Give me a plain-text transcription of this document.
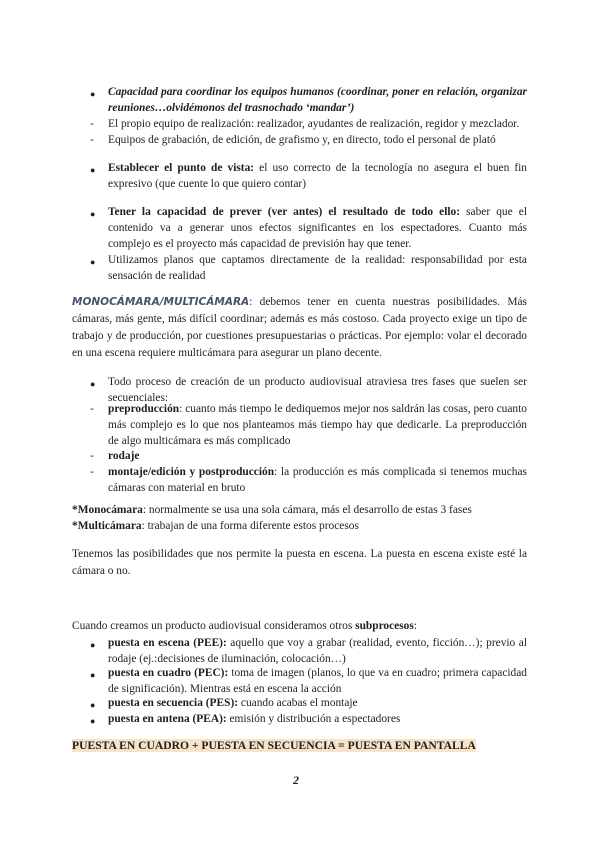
● Capacidad para coordinar los equipos humanos (coordinar, poner en relación, organizar reuniones…olvidémonos del trasnochado ‘mandar’)
- El propio equipo de realización: realizador, ayudantes de realización, regidor y mezclador.
- Equipos de grabación, de edición, de grafismo y, en directo, todo el personal de plató
● Establecer el punto de vista: el uso correcto de la tecnología no asegura el buen fin expresivo (que cuente lo que quiero contar)
● Tener la capacidad de prever (ver antes) el resultado de todo ello: saber que el contenido va a generar unos efectos significantes en los espectadores. Cuanto más complejo es el proyecto más capacidad de previsión hay que tener.
● Utilizamos planos que captamos directamente de la realidad: responsabilidad por esta sensación de realidad
MONOCÁMARA/MULTICÁMARA: debemos tener en cuenta nuestras posibilidades. Más cámaras, más gente, más difícil coordinar; además es más costoso. Cada proyecto exige un tipo de trabajo y de producción, por cuestiones presupuestarias o prácticas. Por ejemplo: volar el decorado en una escena requiere multicámara para asegurar un plano decente.
● Todo proceso de creación de un producto audiovisual atraviesa tres fases que suelen ser secuenciales:
- preproducción: cuanto más tiempo le dediquemos mejor nos saldrán las cosas, pero cuanto más complejo es lo que nos planteamos más tiempo hay que dedicarle. La preproducción de algo multicámara es más complicado
- rodaje
- montaje/edición y postproducción: la producción es más complicada si tenemos muchas cámaras con material en bruto
*Monocámara: normalmente se usa una sola cámara, más el desarrollo de estas 3 fases
*Multicámara: trabajan de una forma diferente estos procesos
Tenemos las posibilidades que nos permite la puesta en escena. La puesta en escena existe esté la cámara o no.
Cuando creamos un producto audiovisual consideramos otros subprocesos:
● puesta en escena (PEE): aquello que voy a grabar (realidad, evento, ficción…); previo al rodaje (ej.:decisiones de iluminación, colocación…)
● puesta en cuadro (PEC): toma de imagen (planos, lo que va en cuadro; primera capacidad de significación). Mientras está en escena la acción
● puesta en secuencia (PES): cuando acabas el montaje
● puesta en antena (PEA): emisión y distribución a espectadores
PUESTA EN CUADRO + PUESTA EN SECUENCIA = PUESTA EN PANTALLA
2
